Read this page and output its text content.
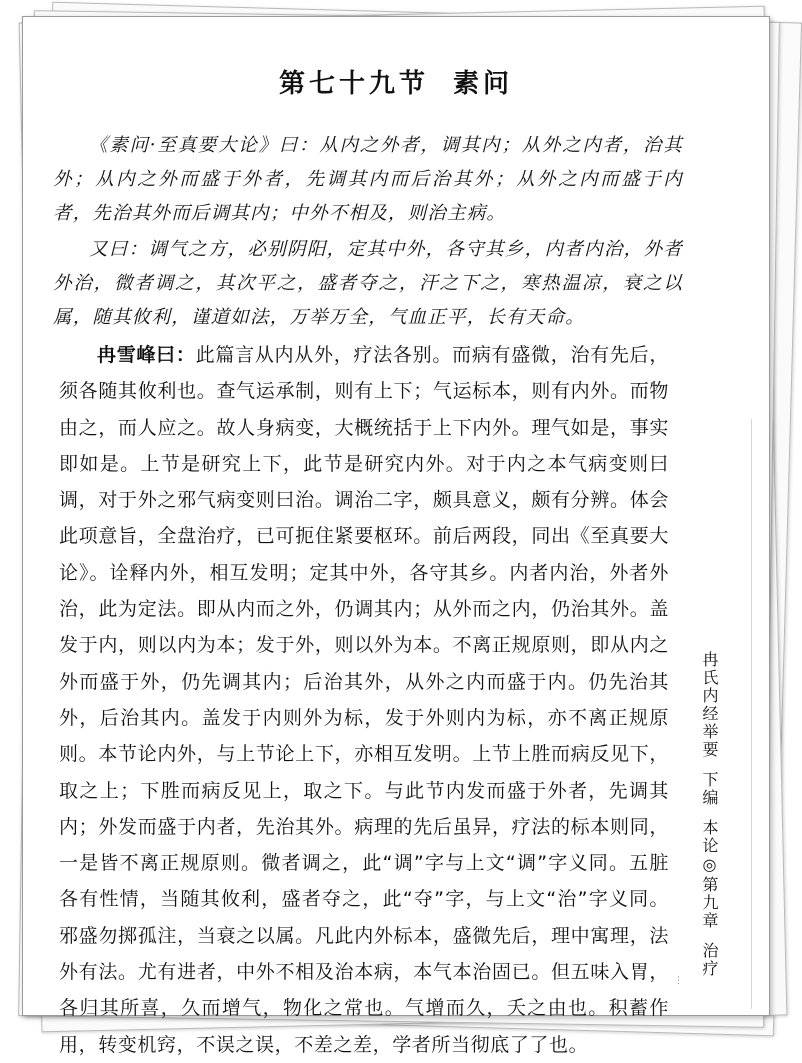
第七十九节 素问
《素问·至真要大论》曰：从内之外者，调其内；从外之内者，治其外；从内之外而盛于外者，先调其内而后治其外；从外之内而盛于内者，先治其外而后调其内；中外不相及，则治主病。
又曰：调气之方，必别阴阳，定其中外，各守其乡，内者内治，外者外治，微者调之，其次平之，盛者夺之，汗之下之，寒热温凉，衰之以属，随其攸利，谨道如法，万举万全，气血正平，长有天命。
冉雪峰曰：此篇言从内从外，疗法各别。而病有盛微，治有先后，须各随其攸利也。查气运承制，则有上下；气运标本，则有内外。而物由之，而人应之。故人身病变，大概统括于上下内外。理气如是，事实即如是。上节是研究上下，此节是研究内外。对于内之本气病变则曰调，对于外之邪气病变则曰治。调治二字，颇具意义，颇有分辨。体会此项意旨，全盘治疗，已可扼住紧要枢环。前后两段，同出《至真要大论》。诠释内外，相互发明；定其中外，各守其乡。内者内治，外者外治，此为定法。即从内而之外，仍调其内；从外而之内，仍治其外。盖发于内，则以内为本；发于外，则以外为本。不离正规原则，即从内之外而盛于外，仍先调其内；后治其外，从外之内而盛于内。仍先治其外，后治其内。盖发于内则外为标，发于外则内为标，亦不离正规原则。本节论内外，与上节论上下，亦相互发明。上节上胜而病反见下，取之上；下胜而病反见上，取之下。与此节内发而盛于外者，先调其内；外发而盛于内者，先治其外。病理的先后虽异，疗法的标本则同，一是皆不离正规原则。微者调之，此“调”字与上文“调”字义同。五脏各有性情，当随其攸利，盛者夺之，此“夺”字，与上文“治”字义同。邪盛勿掷孤注，当衰之以属。凡此内外标本，盛微先后，理中寓理，法外有法。尤有进者，中外不相及治本病，本气本治固已。但五味入胃，各归其所喜，久而增气，物化之常也。气增而久，夭之由也。积蓄作用，转变机窍，不误之误，不差之差，学者所当彻底了了也。
冉氏内经举要下编本论◎第九章治疗
⋮
